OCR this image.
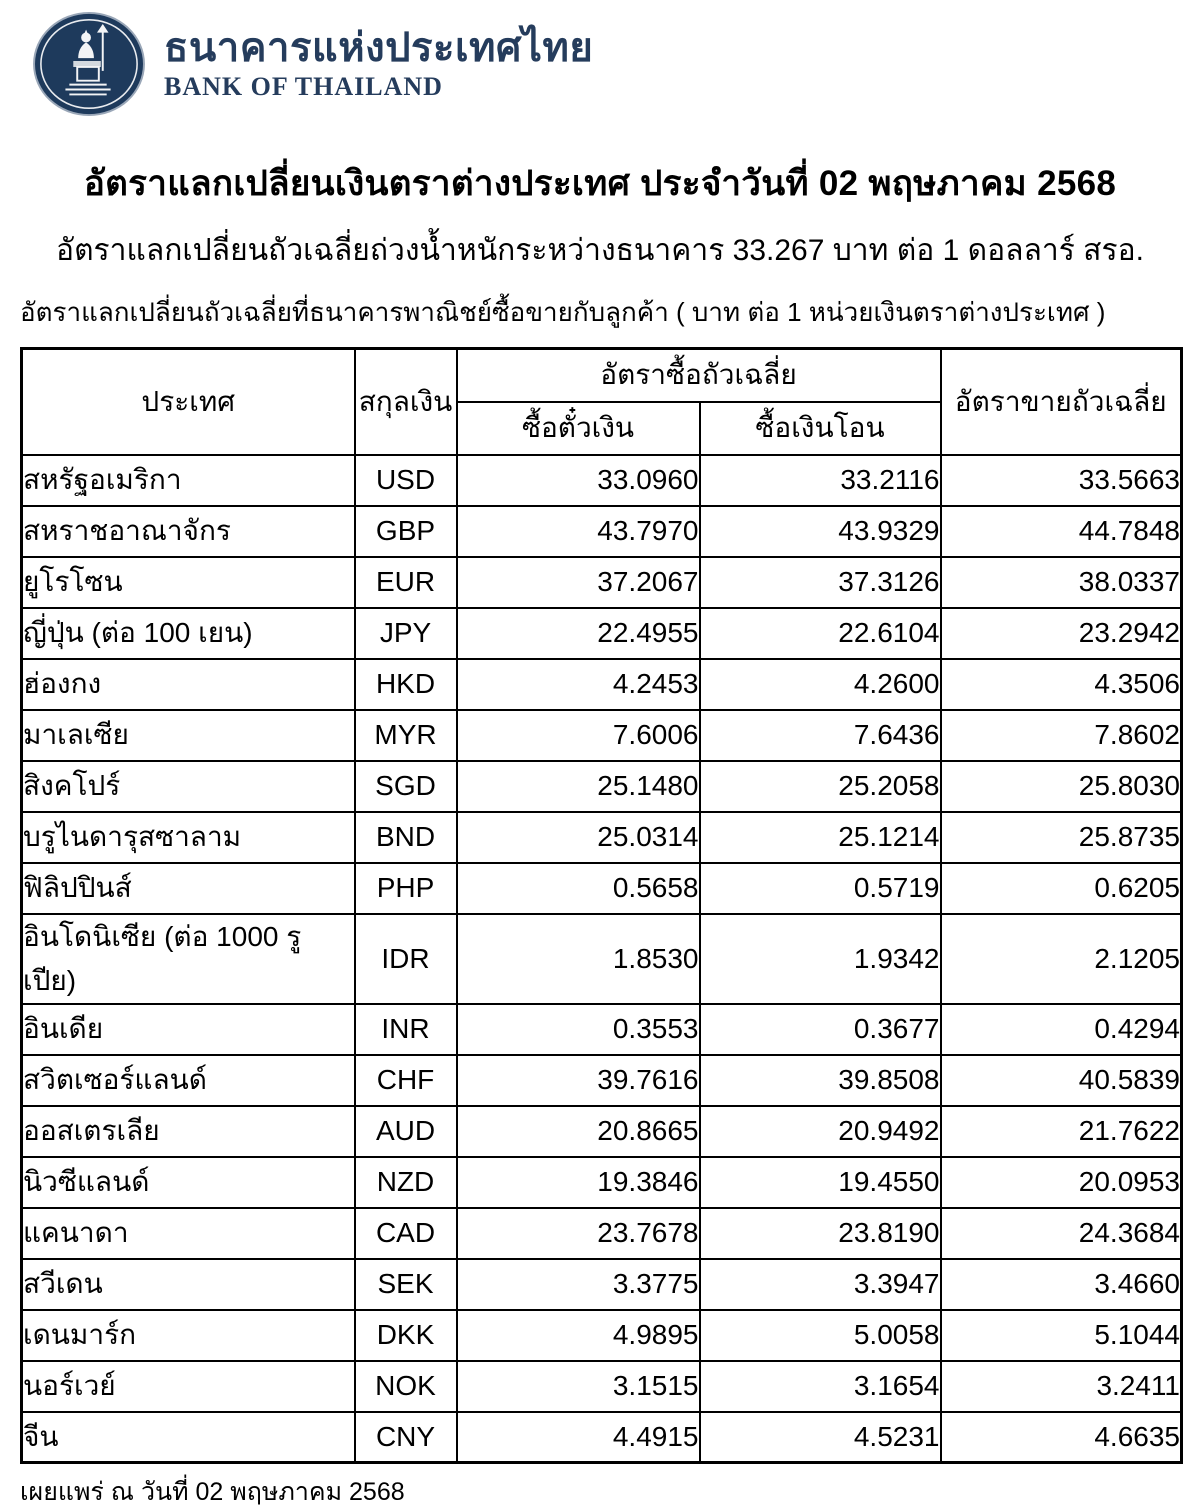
ธนาคารแห่งประเทศไทย
BANK OF THAILAND
อัตราแลกเปลี่ยนเงินตราต่างประเทศ ประจำวันที่ 02 พฤษภาคม 2568
อัตราแลกเปลี่ยนถัวเฉลี่ยถ่วงน้ำหนักระหว่างธนาคาร 33.267 บาท ต่อ 1 ดอลลาร์ สรอ.
อัตราแลกเปลี่ยนถัวเฉลี่ยที่ธนาคารพาณิชย์ซื้อขายกับลูกค้า ( บาท ต่อ 1 หน่วยเงินตราต่างประเทศ )
ประเทศ	สกุลเงิน	อัตราซื้อถัวเฉลี่ย		อัตราขายถัวเฉลี่ย
		ซื้อตั๋วเงิน	ซื้อเงินโอน	
สหรัฐอเมริกา	USD	33.0960	33.2116	33.5663
สหราชอาณาจักร	GBP	43.7970	43.9329	44.7848
ยูโรโซน	EUR	37.2067	37.3126	38.0337
ญี่ปุ่น (ต่อ 100 เยน)	JPY	22.4955	22.6104	23.2942
ฮ่องกง	HKD	4.2453	4.2600	4.3506
มาเลเซีย	MYR	7.6006	7.6436	7.8602
สิงคโปร์	SGD	25.1480	25.2058	25.8030
บรูไนดารุสซาลาม	BND	25.0314	25.1214	25.8735
ฟิลิปปินส์	PHP	0.5658	0.5719	0.6205
อินโดนิเซีย (ต่อ 1000 รูเปีย)	IDR	1.8530	1.9342	2.1205
อินเดีย	INR	0.3553	0.3677	0.4294
สวิตเซอร์แลนด์	CHF	39.7616	39.8508	40.5839
ออสเตรเลีย	AUD	20.8665	20.9492	21.7622
นิวซีแลนด์	NZD	19.3846	19.4550	20.0953
แคนาดา	CAD	23.7678	23.8190	24.3684
สวีเดน	SEK	3.3775	3.3947	3.4660
เดนมาร์ก	DKK	4.9895	5.0058	5.1044
นอร์เวย์	NOK	3.1515	3.1654	3.2411
จีน	CNY	4.4915	4.5231	4.6635
เผยแพร่ ณ วันที่ 02 พฤษภาคม 2568
